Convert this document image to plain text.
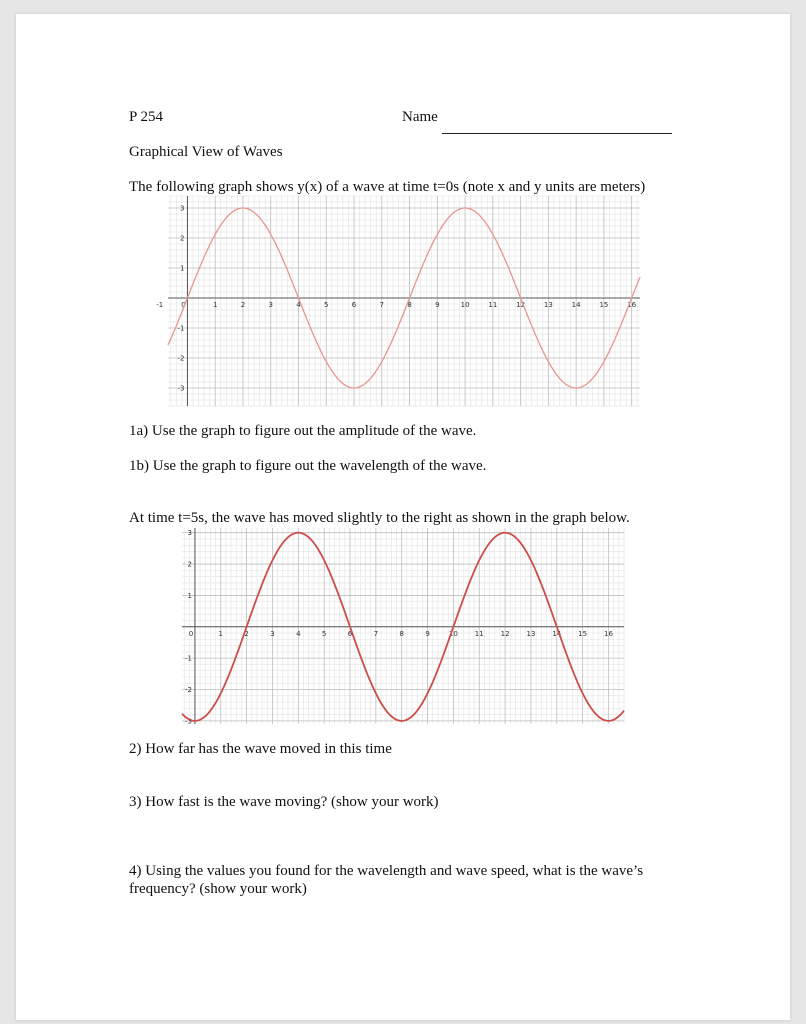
P 254	Name
Graphical View of Waves
The following graph shows y(x) of a wave at time t=0s (note x and y units are meters)
-1	0	1	2	3	4	5	6	7	8	9	10	11	12	13	14	15	16
-3
-2
-1
1
2
3
1a) Use the graph to figure out the amplitude of the wave.
1b) Use the graph to figure out the wavelength of the wave.
At time t=5s, the wave has moved slightly to the right as shown in the graph below.
0	1	2	3	4	5	6	7	8	9	10 11 12 13 14 15 16
-3
-2
-1
1
2
3
2) How far has the wave moved in this time
3) How fast is the wave moving? (show your work)
4) Using the values you found for the wavelength and wave speed, what is the wave’s
frequency? (show your work)
